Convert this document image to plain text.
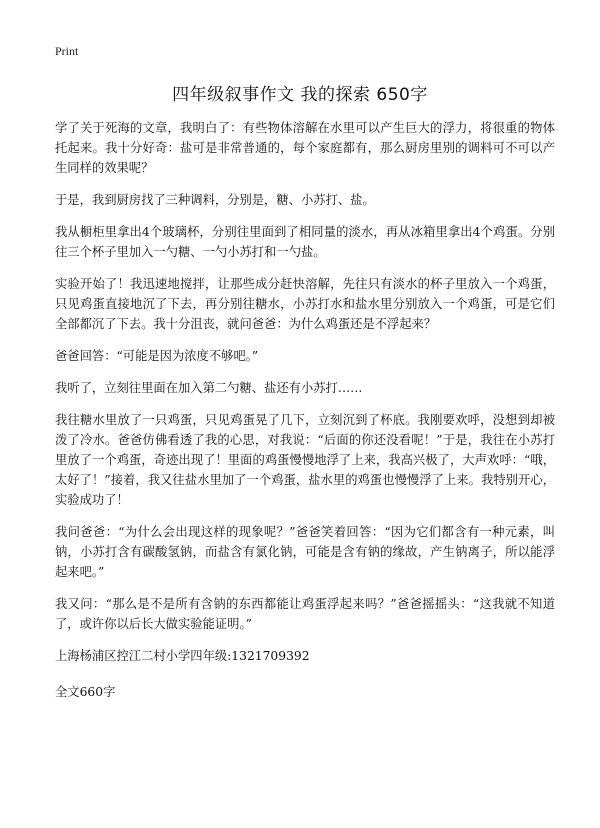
Print
四年级叙事作文 我的探索 650字

学了关于死海的文章，我明白了：有些物体溶解在水里可以产生巨大的浮力，将很重的物体托起来。我十分好奇：盐可是非常普通的，每个家庭都有，那么厨房里别的调料可不可以产生同样的效果呢？

于是，我到厨房找了三种调料，分别是，糖、小苏打、盐。

我从橱柜里拿出4个玻璃杯，分别往里面到了相同量的淡水，再从冰箱里拿出4个鸡蛋。分别往三个杯子里加入一勺糖、一勺小苏打和一勺盐。

实验开始了！我迅速地搅拌，让那些成分赶快溶解，先往只有淡水的杯子里放入一个鸡蛋，只见鸡蛋直接地沉了下去，再分别往糖水，小苏打水和盐水里分别放入一个鸡蛋，可是它们全部都沉了下去。我十分沮丧，就问爸爸：为什么鸡蛋还是不浮起来？

爸爸回答：“可能是因为浓度不够吧。”

我听了，立刻往里面在加入第二勺糖、盐还有小苏打……

我往糖水里放了一只鸡蛋，只见鸡蛋晃了几下，立刻沉到了杯底。我刚要欢呼，没想到却被泼了冷水。爸爸仿佛看透了我的心思，对我说：“后面的你还没看呢！”于是，我往在小苏打里放了一个鸡蛋，奇迹出现了！里面的鸡蛋慢慢地浮了上来，我高兴极了，大声欢呼：“哦，太好了！”接着，我又往盐水里加了一个鸡蛋，盐水里的鸡蛋也慢慢浮了上来。我特别开心，实验成功了！

我问爸爸：“为什么会出现这样的现象呢？”爸爸笑着回答：“因为它们都含有一种元素，叫钠，小苏打含有碳酸氢钠，而盐含有氯化钠，可能是含有钠的缘故，产生钠离子，所以能浮起来吧。”

我又问：“那么是不是所有含钠的东西都能让鸡蛋浮起来吗？”爸爸摇摇头：“这我就不知道了，或许你以后长大做实验能证明。”

上海杨浦区控江二村小学四年级:1321709392

全文660字
